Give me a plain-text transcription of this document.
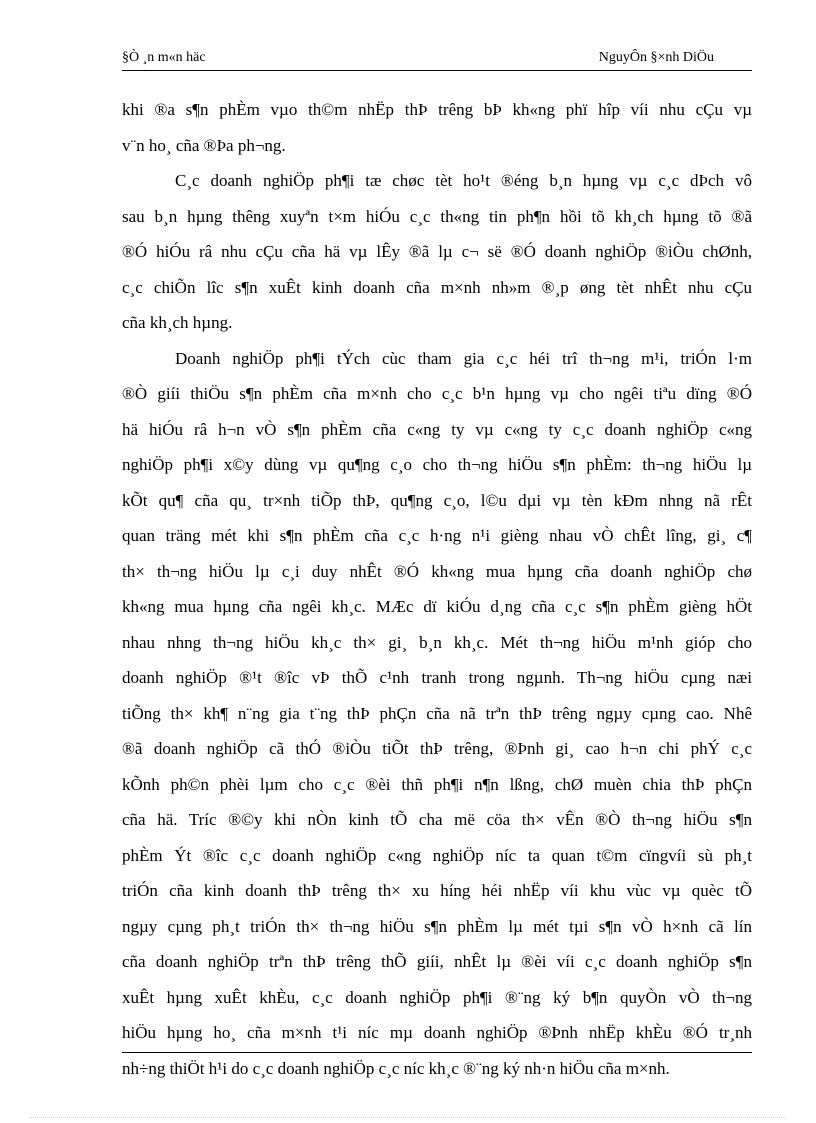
§Ò ¸n m«n häc	NguyÔn §×nh DiÖu
khi ®a s¶n phÈm vµo th©m nhËp thÞ trêng bÞ kh«ng phï hîp víi nhu cÇu vµ
v¨n ho¸ cña ®Þa ph¬ng.
C¸c doanh nghiÖp ph¶i tæ chøc tèt ho¹t ®éng b¸n hµng vµ c¸c dÞch vô
sau b¸n hµng thêng xuyªn t×m hiÓu c¸c th«ng tin ph¶n hồi tõ kh¸ch hµng tõ ®ã
®Ó hiÓu râ nhu cÇu cña hä vµ lÊy ®ã lµ c¬ së ®Ó doanh nghiÖp ®iÒu chØnh,
c¸c chiÕn lîc s¶n xuÊt kinh doanh cña m×nh nh»m ®¸p øng tèt nhÊt nhu cÇu
cña kh¸ch hµng.
Doanh nghiÖp ph¶i tÝch cùc tham gia c¸c héi trî th¬ng m¹i, triÓn l·m
®Ò giíi thiÖu s¶n phÈm cña m×nh cho c¸c b¹n hµng vµ cho ngêi tiªu dïng ®Ó
hä hiÓu râ h¬n vÒ s¶n phÈm cña c«ng ty vµ c«ng ty c¸c doanh nghiÖp c«ng
nghiÖp ph¶i x©y dùng vµ qu¶ng c¸o cho th¬ng hiÖu s¶n phÈm: th¬ng hiÖu lµ
kÕt qu¶ cña qu¸ tr×nh tiÕp thÞ, qu¶ng c¸o, l©u dµi vµ tèn kÐm nhng nã rÊt
quan träng mét khi s¶n phÈm cña c¸c h·ng n¹i gièng nhau vÒ chÊt lîng, gi¸ c¶
th× th¬ng hiÖu lµ c¸i duy nhÊt ®Ó kh«ng mua hµng cña doanh nghiÖp chø
kh«ng mua hµng cña ngêi kh¸c. MÆc dï kiÓu d¸ng cña c¸c s¶n phÈm gièng hÖt
nhau nhng th¬ng hiÖu kh¸c th× gi¸ b¸n kh¸c. Mét th¬ng hiÖu m¹nh gióp cho
doanh nghiÖp ®¹t ®îc vÞ thÕ c¹nh tranh trong ngµnh. Th¬ng hiÖu cµng næi
tiÕng th× kh¶ n¨ng gia t¨ng thÞ phÇn cña nã trªn thÞ trêng ngµy cµng cao. Nhê
®ã doanh nghiÖp cã thÓ ®iÒu tiÕt thÞ trêng, ®Þnh gi¸ cao h¬n chi phÝ c¸c
kÕnh ph©n phèi lµm cho c¸c ®èi thñ ph¶i n¶n lßng, chØ muèn chia thÞ phÇn
cña hä. Tríc ®©y khi nÒn kinh tÕ cha më cöa th× vÊn ®Ò th¬ng hiÖu s¶n
phÈm Ýt ®îc c¸c doanh nghiÖp c«ng nghiÖp níc ta quan t©m cïngvíi sù ph¸t
triÓn cña kinh doanh thÞ trêng th× xu híng héi nhËp víi khu vùc vµ quèc tÕ
ngµy cµng ph¸t triÓn th× th¬ng hiÖu s¶n phÈm lµ mét tµi s¶n vÒ h×nh cã lín
cña doanh nghiÖp trªn thÞ trêng thÕ giíi, nhÊt lµ ®èi víi c¸c doanh nghiÖp s¶n
xuÊt hµng xuÊt khÈu, c¸c doanh nghiÖp ph¶i ®¨ng ký b¶n quyÒn vÒ th¬ng
hiÖu hµng ho¸ cña m×nh t¹i níc mµ doanh nghiÖp ®Þnh nhËp khÈu ®Ó tr¸nh
nh÷ng thiÖt h¹i do c¸c doanh nghiÖp c¸c níc kh¸c ®¨ng ký nh·n hiÖu cña m×nh.
